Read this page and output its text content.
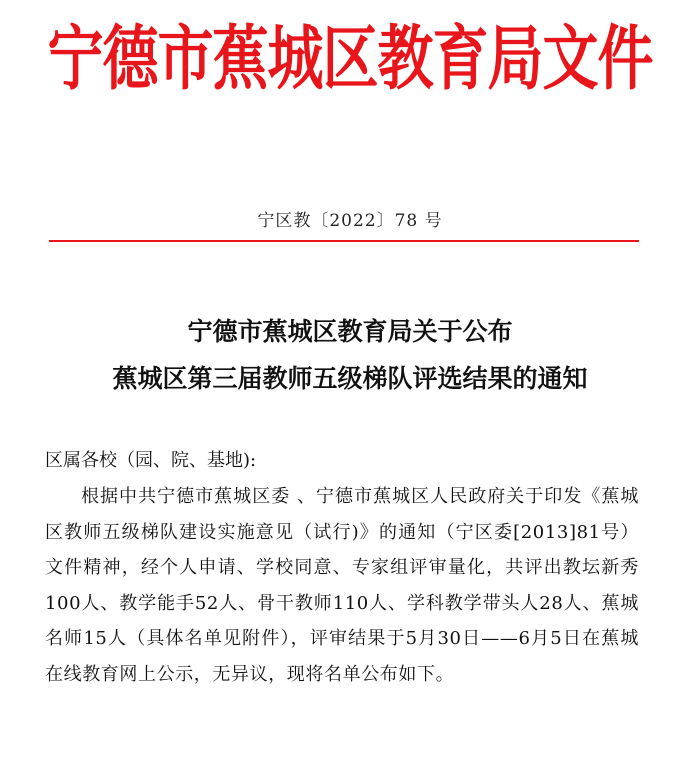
宁德市蕉城区教育局文件
宁区教〔2022〕78 号
宁德市蕉城区教育局关于公布
蕉城区第三届教师五级梯队评选结果的通知
区属各校（园、院、基地):
根据中共宁德市蕉城区委 、宁德市蕉城区人民政府关于印发《蕉城区教师五级梯队建设实施意见（试行)》的通知（宁区委[2013]81号）文件精神，经个人申请、学校同意、专家组评审量化，共评出教坛新秀100人、教学能手52人、骨干教师110人、学科教学带头人28人、蕉城名师15人（具体名单见附件），评审结果于5月30日——6月5日在蕉城在线教育网上公示，无异议，现将名单公布如下。
